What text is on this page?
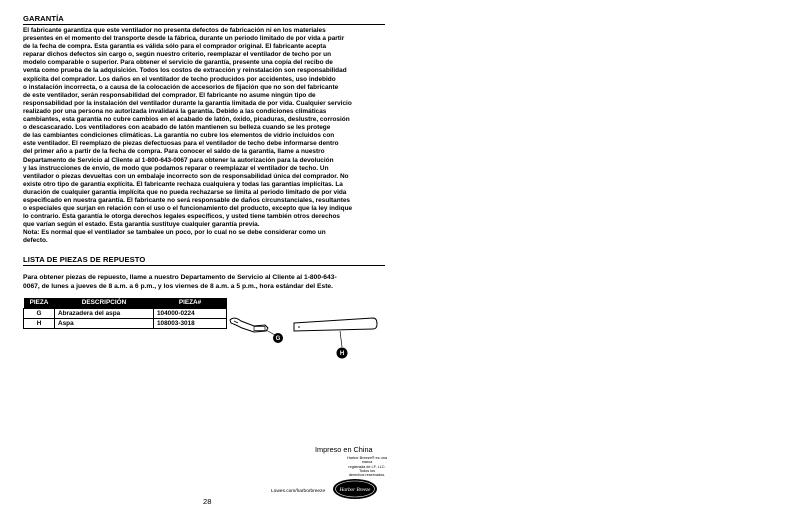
GARANTÍA

El fabricante garantiza que este ventilador no presenta defectos de fabricación ni en los materiales
presentes en el momento del transporte desde la fábrica, durante un periodo limitado de por vida a partir
de la fecha de compra. Esta garantía es válida sólo para el comprador original. El fabricante acepta
reparar dichos defectos sin cargo o, según nuestro criterio, reemplazar el ventilador de techo por un
modelo comparable o superior. Para obtener el servicio de garantía, presente una copia del recibo de
venta como prueba de la adquisición. Todos los costos de extracción y reinstalación son responsabilidad
explícita del comprador. Los daños en el ventilador de techo producidos por accidentes, uso indebido
o instalación incorrecta, o a causa de la colocación de accesorios de fijación que no son del fabricante
de este ventilador, serán responsabilidad del comprador. El fabricante no asume ningún tipo de
responsabilidad por la instalación del ventilador durante la garantía limitada de por vida. Cualquier servicio
realizado por una persona no autorizada invalidará la garantía. Debido a las condiciones climáticas
cambiantes, esta garantía no cubre cambios en el acabado de latón, óxido, picaduras, deslustre, corrosión
o descascarado. Los ventiladores con acabado de latón mantienen su belleza cuando se les protege
de las cambiantes condiciones climáticas. La garantía no cubre los elementos de vidrio incluidos con
este ventilador. El reemplazo de piezas defectuosas para el ventilador de techo debe informarse dentro
del primer año a partir de la fecha de compra. Para conocer el saldo de la garantía, llame a nuestro
Departamento de Servicio al Cliente al 1-800-643-0067 para obtener la autorización para la devolución
y las instrucciones de envío, de modo que podamos reparar o reemplazar el ventilador de techo. Un
ventilador o piezas devueltas con un embalaje incorrecto son de responsabilidad única del comprador. No
existe otro tipo de garantía explícita. El fabricante rechaza cualquiera y todas las garantías implícitas. La
duración de cualquier garantía implícita que no pueda rechazarse se limita al periodo limitado de por vida
especificado en nuestra garantía. El fabricante no será responsable de daños circunstanciales, resultantes
o especiales que surjan en relación con el uso o el funcionamiento del producto, excepto que la ley indique
lo contrario. Esta garantía le otorga derechos legales específicos, y usted tiene también otros derechos
que varían según el estado. Esta garantía sustituye cualquier garantía previa.
Nota: Es normal que el ventilador se tambalee un poco, por lo cual no se debe considerar como un
defecto.

LISTA DE PIEZAS DE REPUESTO

Para obtener piezas de repuesto, llame a nuestro Departamento de Servicio al Cliente al 1-800-643-
0067, de lunes a jueves de 8 a.m. a 6 p.m., y los viernes de 8 a.m. a 5 p.m., hora estándar del Este.

PIEZA	DESCRIPCIÓN	PIEZA#
G	Abrazadera del aspa	104000-0224
H	Aspa	108003-3018
G
H
Impreso en China
Harbor Breeze® es una marca
registrada de LF, LLC. Todos los
derechos reservados.
Lowes.com/harborbreeze	Harbor Breeze
28
